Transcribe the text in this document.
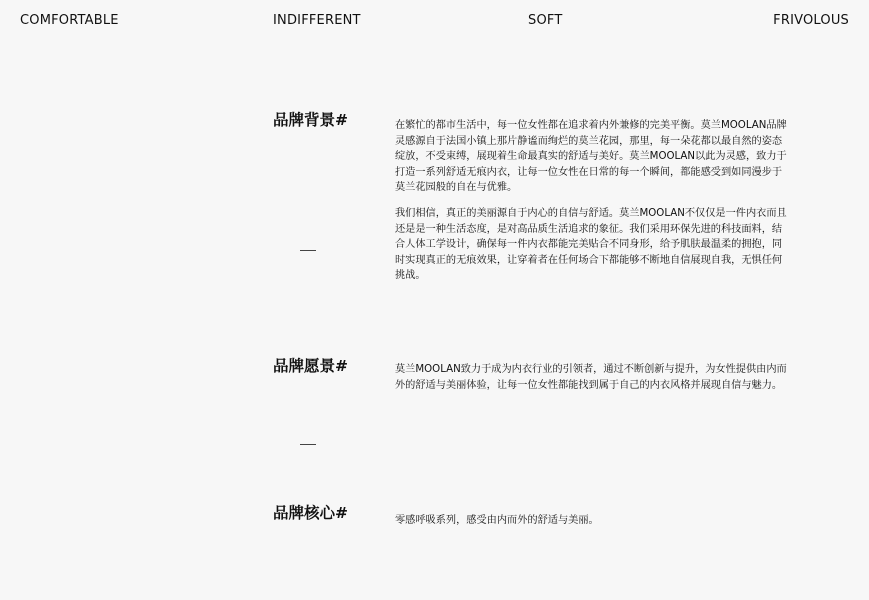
COMFORTABLE	INDIFFERENT	SOFT	FRIVOLOUS
品牌背景#	在繁忙的都市生活中，每一位女性都在追求着内外兼修的完美平衡。莫兰MOOLAN品牌灵感源自于法国小镇上那片静谧而绚烂的莫兰花园，那里，每一朵花都以最自然的姿态绽放，不受束缚，展现着生命最真实的舒适与美好。莫兰MOOLAN以此为灵感，致力于打造一系列舒适无痕内衣，让每一位女性在日常的每一个瞬间，都能感受到如同漫步于莫兰花园般的自在与优雅。

我们相信，真正的美丽源自于内心的自信与舒适。莫兰MOOLAN不仅仅是一件内衣而且还是是一种生活态度，是对高品质生活追求的象征。我们采用环保先进的科技面料，结合人体工学设计，确保每一件内衣都能完美贴合不同身形，给予肌肤最温柔的拥抱，同时实现真正的无痕效果，让穿着者在任何场合下都能够不断地自信展现自我，无惧任何挑战。

品牌愿景#	莫兰MOOLAN致力于成为内衣行业的引领者，通过不断创新与提升，为女性提供由内而外的舒适与美丽体验，让每一位女性都能找到属于自己的内衣风格并展现自信与魅力。

品牌核心#	零感呼吸系列，感受由内而外的舒适与美丽。
